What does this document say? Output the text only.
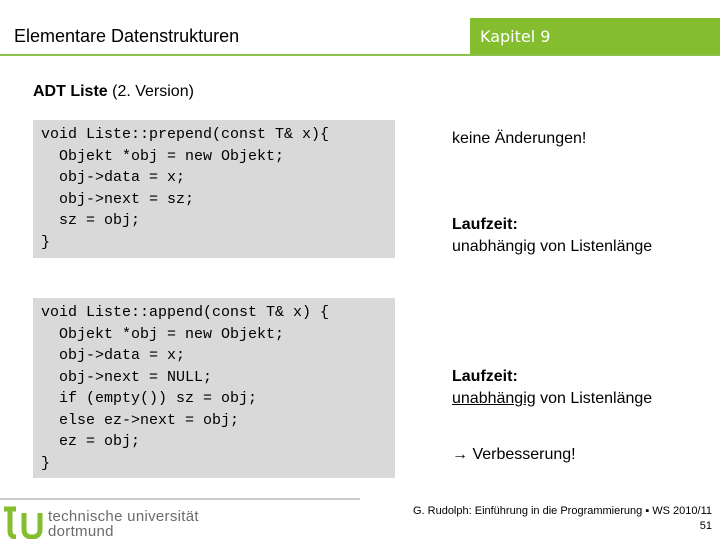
Kapitel 9
Elementare Datenstrukturen
ADT Liste (2. Version)
void Liste::prepend(const T& x){
Objekt *obj = new Objekt;
obj->data = x;
obj->next = sz;
sz = obj;
}
void Liste::append(const T& x) {
Objekt *obj = new Objekt;
obj->data = x;
obj->next = NULL;
if (empty()) sz = obj;
else ez->next = obj;
ez = obj;
}
keine Änderungen!
Laufzeit:
unabhängig von Listenlänge
Laufzeit:
unabhängig von Listenlänge
→ Verbesserung!
technische universität
dortmund
G. Rudolph: Einführung in die Programmierung ▪ WS 2010/11
51
